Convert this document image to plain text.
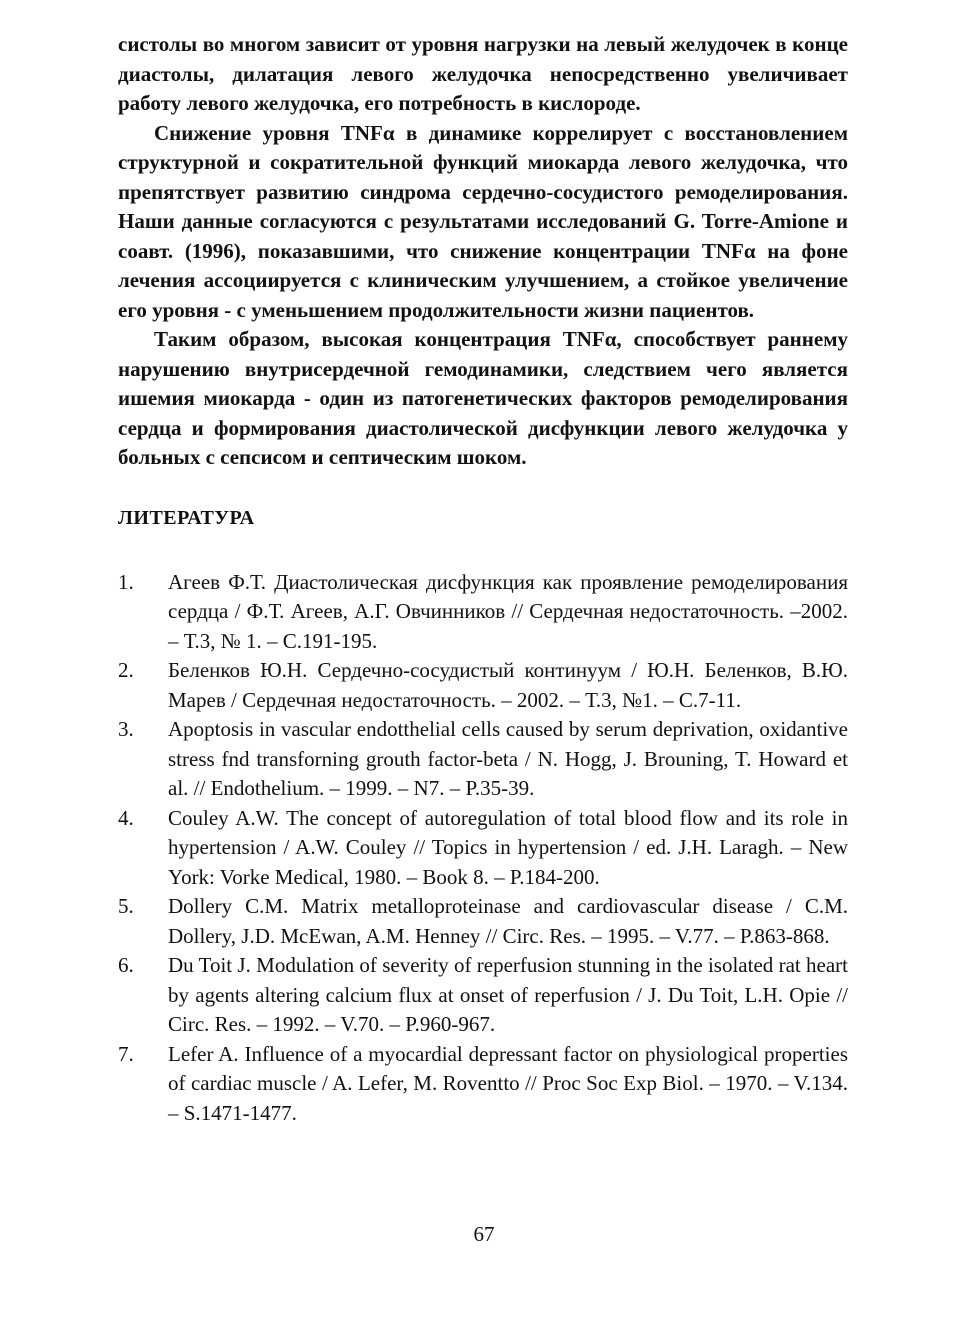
систолы во многом зависит от уровня нагрузки на левый желудочек в конце диастолы, дилатация левого желудочка непосредственно увеличивает работу левого желудочка, его потребность в кислороде.

Снижение уровня TNFα в динамике коррелирует с восстановлением структурной и сократительной функций миокарда левого желудочка, что препятствует развитию синдрома сердечно-сосудистого ремоделирования. Наши данные согласуются с результатами исследований G. Torre-Amione и соавт. (1996), показавшими, что снижение концентрации TNFα на фоне лечения ассоциируется с клиническим улучшением, а стойкое увеличение его уровня - с уменьшением продолжительности жизни пациентов.

Таким образом, высокая концентрация TNFα, способствует раннему нарушению внутрисердечной гемодинамики, следствием чего является ишемия миокарда - один из патогенетических факторов ремоделирования сердца и формирования диастолической дисфункции левого желудочка у больных с сепсисом и септическим шоком.

ЛИТЕРАТУРА
1.	Агеев Ф.Т. Диастолическая дисфункция как проявление ремоделирования сердца / Ф.Т. Агеев, А.Г. Овчинников // Сердечная недостаточность. –2002. – Т.3, № 1. – С.191-195.
2.	Беленков Ю.Н. Сердечно-сосудистый континуум / Ю.Н. Беленков, В.Ю. Марев / Сердечная недостаточность. – 2002. – Т.3, №1. – С.7-11.
3.	Apoptosis in vascular endotthelial cells caused by serum deprivation, oxidantive stress fnd transforning grouth factor-beta / N. Hogg, J. Brouning, T. Howard et al. // Endothelium. – 1999. – N7. – P.35-39.
4.	Couley A.W. The concept of autoregulation of total blood flow and its role in hypertension / A.W. Couley // Topics in hypertension / ed. J.H. Laragh. – New York: Vorke Medical, 1980. – Book 8. – P.184-200.
5.	Dollery C.M. Matrix metalloproteinase and cardiovascular disease / C.M. Dollery, J.D. McEwan, A.M. Henney // Circ. Res. – 1995. – V.77. – P.863-868.
6.	Du Toit J. Modulation of severity of reperfusion stunning in the isolated rat heart by agents altering calcium flux at onset of reperfusion / J. Du Toit, L.H. Opie // Circ. Res. – 1992. – V.70. – P.960-967.
7.	Lefer A. Influence of a myocardial depressant factor on physiological properties of cardiac muscle / A. Lefer, M. Roventto // Proc Soc Exp Biol. – 1970. – V.134. – S.1471-1477.
67
